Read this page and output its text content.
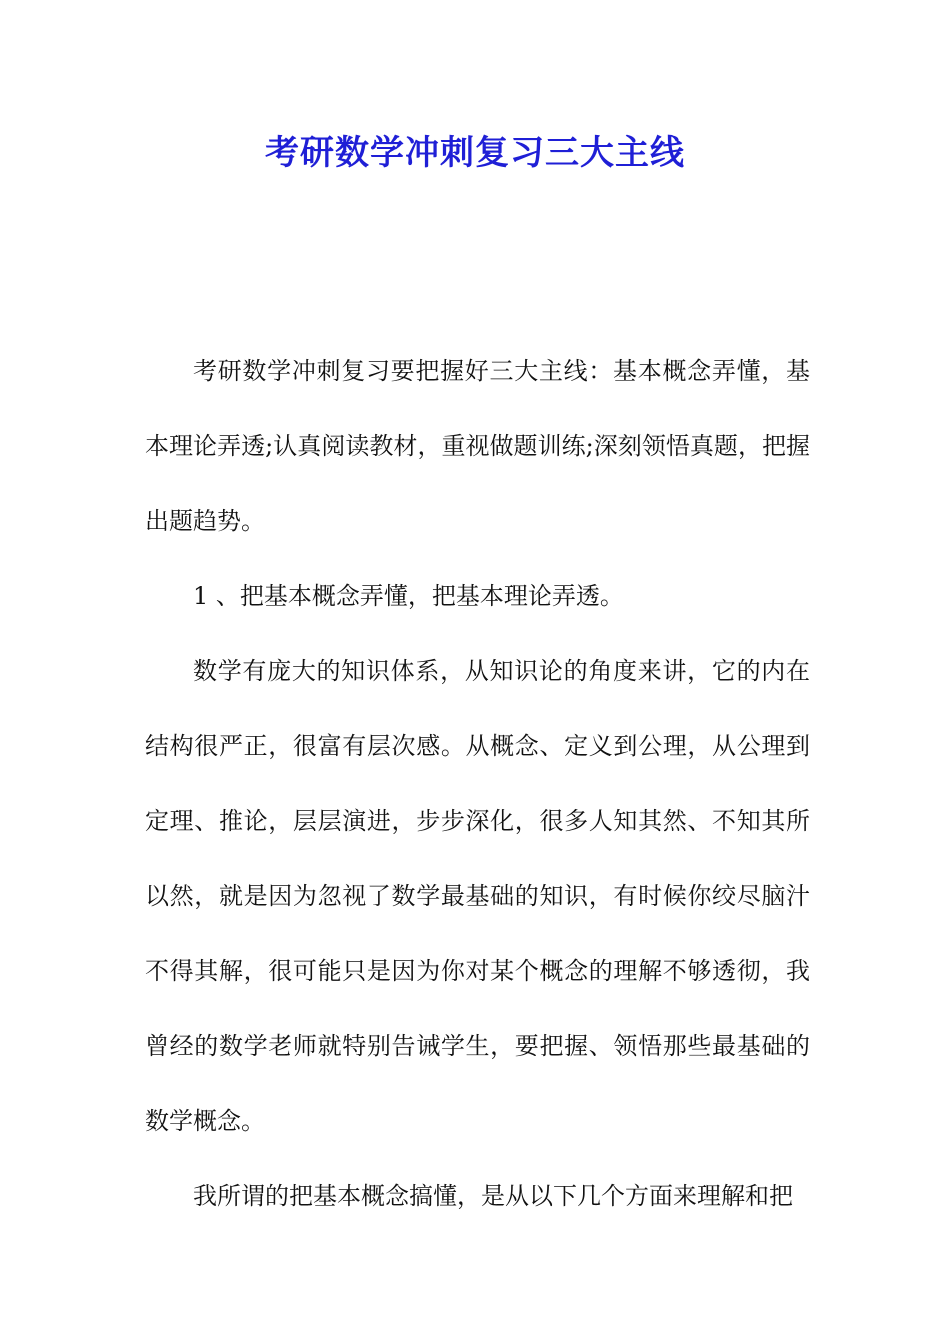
考研数学冲刺复习三大主线

考研数学冲刺复习要把握好三大主线：基本概念弄懂，基本理论弄透;认真阅读教材，重视做题训练;深刻领悟真题，把握出题趋势。

1 、把基本概念弄懂，把基本理论弄透。

数学有庞大的知识体系，从知识论的角度来讲，它的内在结构很严正，很富有层次感。从概念、定义到公理，从公理到定理、推论，层层演进，步步深化，很多人知其然、不知其所以然，就是因为忽视了数学最基础的知识，有时候你绞尽脑汁不得其解，很可能只是因为你对某个概念的理解不够透彻，我曾经的数学老师就特别告诫学生，要把握、领悟那些最基础的数学概念。

我所谓的把基本概念搞懂，是从以下几个方面来理解和把
